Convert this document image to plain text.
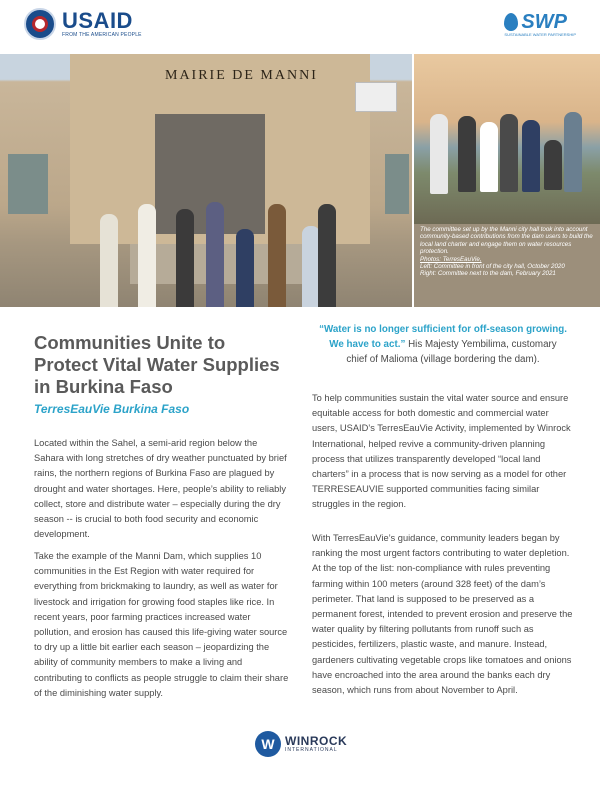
USAID
FROM THE AMERICAN PEOPLE
SWP
SUSTAINABLE WATER PARTNERSHIP
MAIRIE DE MANNI
The committee set up by the Manni city hall took into account community-based contributions from the dam users to build the local land charter and engage them on water resources protection.
Photos: TerresEauVie,
Left: Committee in front of the city hall, October 2020
Right: Committee next to the dam, February 2021
Communities Unite to Protect Vital Water Supplies in Burkina Faso
TerresEauVie Burkina Faso

Located within the Sahel, a semi-arid region below the Sahara with long stretches of dry weather punctuated by brief rains, the northern regions of Burkina Faso are plagued by drought and water shortages. Here, people’s ability to reliably collect, store and distribute water – especially during the dry season -- is crucial to both food security and economic development.

Take the example of the Manni Dam, which supplies 10 communities in the Est Region with water required for everything from brickmaking to laundry, as well as water for livestock and irrigation for growing food staples like rice. In recent years, poor farming practices increased water pollution, and erosion has caused this life-giving water source to dry up a little bit earlier each season – jeopardizing the ability of community members to make a living and contributing to conflicts as people struggle to claim their share of the diminishing water supply.

“Water is no longer sufficient for off-season growing. We have to act.” His Majesty Yembilima, customary chief of Malioma (village bordering the dam).

To help communities sustain the vital water source and ensure equitable access for both domestic and commercial water users, USAID’s TerresEauVie Activity, implemented by Winrock International, helped revive a community-driven planning process that utilizes transparently developed “local land charters” in a process that is now serving as a model for other TERRESEAUVIE supported communities facing similar struggles in the region.

With TerresEauVie’s guidance, community leaders began by ranking the most urgent factors contributing to water depletion. At the top of the list: non-compliance with rules preventing farming within 100 meters (around 328 feet) of the dam’s perimeter. That land is supposed to be preserved as a permanent forest, intended to prevent erosion and preserve the water quality by filtering pollutants from runoff such as pesticides, fertilizers, plastic waste, and manure. Instead, gardeners cultivating vegetable crops like tomatoes and onions have encroached into the area around the banks each dry season, which runs from about November to April.

W WINROCK
INTERNATIONAL
